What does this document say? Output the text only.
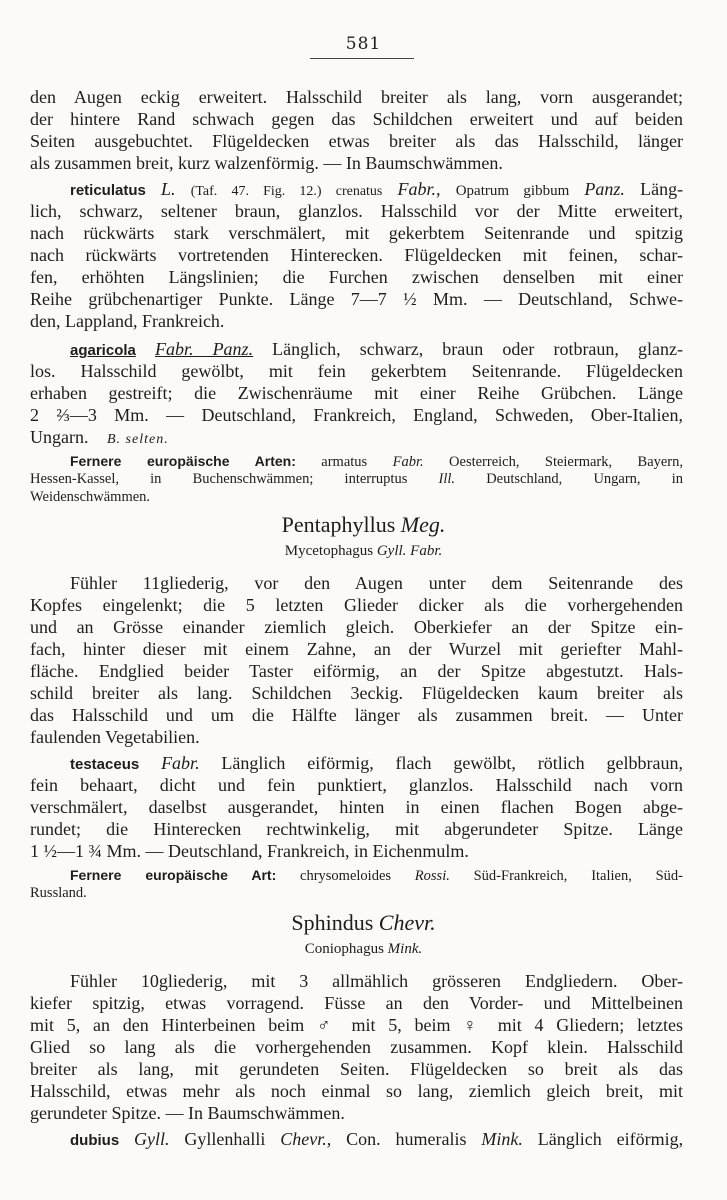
581
den Augen eckig erweitert. Halsschild breiter als lang, vorn ausgerandet;
der hintere Rand schwach gegen das Schildchen erweitert und auf beiden
Seiten ausgebuchtet. Flügeldecken etwas breiter als das Halsschild, länger
als zusammen breit, kurz walzenförmig. — In Baumschwämmen.
reticulatus L. (Taf. 47. Fig. 12.) crenatus Fabr., Opatrum gibbum Panz. Läng-
lich, schwarz, seltener braun, glanzlos. Halsschild vor der Mitte erweitert,
nach rückwärts stark verschmälert, mit gekerbtem Seitenrande und spitzig
nach rückwärts vortretenden Hinterecken. Flügeldecken mit feinen, schar-
fen, erhöhten Längslinien; die Furchen zwischen denselben mit einer
Reihe grübchenartiger Punkte. Länge 7—7 ½ Mm. — Deutschland, Schwe-
den, Lappland, Frankreich.
agaricola Fabr. Panz. Länglich, schwarz, braun oder rotbraun, glanz-
los. Halsschild gewölbt, mit fein gekerbtem Seitenrande. Flügeldecken
erhaben gestreift; die Zwischenräume mit einer Reihe Grübchen. Länge
2 ⅔—3 Mm. — Deutschland, Frankreich, England, Schweden, Ober-Italien,
Ungarn. B. selten.
Fernere europäische Arten: armatus Fabr. Oesterreich, Steiermark, Bayern,
Hessen-Kassel, in Buchenschwämmen; interruptus Ill. Deutschland, Ungarn, in
Weidenschwämmen.
Pentaphyllus Meg.
Mycetophagus Gyll. Fabr.
Fühler 11gliederig, vor den Augen unter dem Seitenrande des
Kopfes eingelenkt; die 5 letzten Glieder dicker als die vorhergehenden
und an Grösse einander ziemlich gleich. Oberkiefer an der Spitze ein-
fach, hinter dieser mit einem Zahne, an der Wurzel mit geriefter Mahl-
fläche. Endglied beider Taster eiförmig, an der Spitze abgestutzt. Hals-
schild breiter als lang. Schildchen 3eckig. Flügeldecken kaum breiter als
das Halsschild und um die Hälfte länger als zusammen breit. — Unter
faulenden Vegetabilien.
testaceus Fabr. Länglich eiförmig, flach gewölbt, rötlich gelbbraun,
fein behaart, dicht und fein punktiert, glanzlos. Halsschild nach vorn
verschmälert, daselbst ausgerandet, hinten in einen flachen Bogen abge-
rundet; die Hinterecken rechtwinkelig, mit abgerundeter Spitze. Länge
1 ½—1 ¾ Mm. — Deutschland, Frankreich, in Eichenmulm.
Fernere europäische Art: chrysomeloides Rossi. Süd-Frankreich, Italien, Süd-
Russland.
Sphindus Chevr.
Coniophagus Mink.
Fühler 10gliederig, mit 3 allmählich grösseren Endgliedern. Ober-
kiefer spitzig, etwas vorragend. Füsse an den Vorder- und Mittelbeinen
mit 5, an den Hinterbeinen beim ♂ mit 5, beim ♀ mit 4 Gliedern; letztes
Glied so lang als die vorhergehenden zusammen. Kopf klein. Halsschild
breiter als lang, mit gerundeten Seiten. Flügeldecken so breit als das
Halsschild, etwas mehr als noch einmal so lang, ziemlich gleich breit, mit
gerundeter Spitze. — In Baumschwämmen.
dubius Gyll. Gyllenhalli Chevr., Con. humeralis Mink. Länglich eiförmig,
